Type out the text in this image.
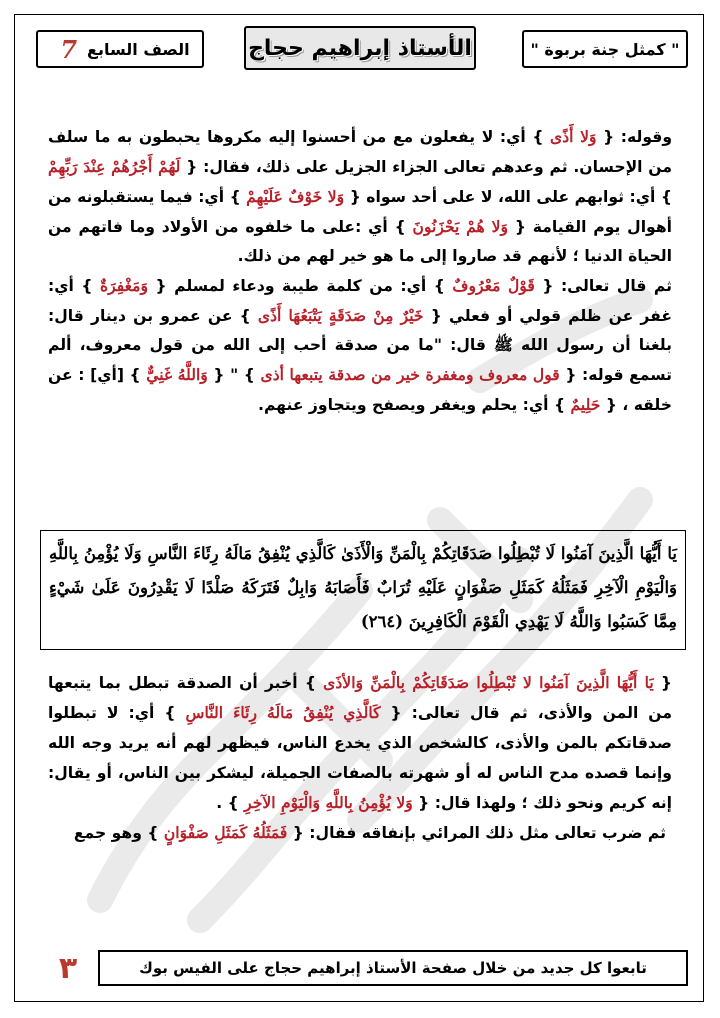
" كمثل جنة بربوة "
الأستاذ إبراهيم حجاج
الصف السابع
7

وقوله: { وَلا أَذًى } أي: لا يفعلون مع من أحسنوا إليه مكروها يحبطون به ما سلف من الإحسان. ثم وعدهم تعالى الجزاء الجزيل على ذلك، فقال: { لَهُمْ أَجْرُهُمْ عِنْدَ رَبِّهِمْ } أي: ثوابهم على الله، لا على أحد سواه { وَلا خَوْفٌ عَلَيْهِمْ } أي: فيما يستقبلونه من أهوال يوم القيامة { وَلا هُمْ يَحْزَنُونَ } أي :على ما خلفوه من الأولاد وما فاتهم من الحياة الدنيا ؛ لأنهم قد صاروا إلى ما هو خير لهم من ذلك.

ثم قال تعالى: { قَوْلٌ مَعْرُوفٌ } أي: من كلمة طيبة ودعاء لمسلم { وَمَغْفِرَةٌ } أي: غفر عن ظلم قولي أو فعلي { خَيْرٌ مِنْ صَدَقَةٍ يَتْبَعُهَا أَذًى } عن عمرو بن دينار قال: بلغنا أن رسول الله ﷺ قال: "ما من صدقة أحب إلى الله من قول معروف، ألم تسمع قوله: { قول معروف ومغفرة خير من صدقة يتبعها أذى } " { وَاللَّهُ غَنِيٌّ } [أي] : عن خلقه ، { حَلِيمٌ } أي: يحلم ويغفر ويصفح ويتجاوز عنهم.

يَا أَيُّهَا الَّذِينَ آمَنُوا لَا تُبْطِلُوا صَدَقَاتِكُمْ بِالْمَنِّ وَالْأَذَىٰ كَالَّذِي يُنْفِقُ مَالَهُ رِئَاءَ النَّاسِ وَلَا يُؤْمِنُ بِاللَّهِ وَالْيَوْمِ الْآخِرِ فَمَثَلُهُ كَمَثَلِ صَفْوَانٍ عَلَيْهِ تُرَابٌ فَأَصَابَهُ وَابِلٌ فَتَرَكَهُ صَلْدًا لَا يَقْدِرُونَ عَلَىٰ شَيْءٍ مِمَّا كَسَبُوا وَاللَّهُ لَا يَهْدِي الْقَوْمَ الْكَافِرِينَ (٢٦٤)

{ يَا أَيُّهَا الَّذِينَ آمَنُوا لا تُبْطِلُوا صَدَقَاتِكُمْ بِالْمَنِّ وَالأذَى } أخبر أن الصدقة تبطل بما يتبعها من المن والأذى، ثم قال تعالى: { كَالَّذِي يُنْفِقُ مَالَهُ رِئَاءَ النَّاسِ } أي: لا تبطلوا صدقاتكم بالمن والأذى، كالشخص الذي يخدع الناس، فيظهر لهم أنه يريد وجه الله وإنما قصده مدح الناس له أو شهرته بالصفات الجميلة، ليشكر بين الناس، أو يقال: إنه كريم ونحو ذلك ؛ ولهذا قال: { وَلا يُؤْمِنُ بِاللَّهِ وَالْيَوْمِ الآخِرِ } .

ثم ضرب تعالى مثل ذلك المرائي بإنفاقه فقال: { فَمَثَلُهُ كَمَثَلِ صَفْوَانٍ } وهو جمع

تابعوا كل جديد من خلال صفحة الأستاذ إبراهيم حجاج على الفيس بوك
٣
